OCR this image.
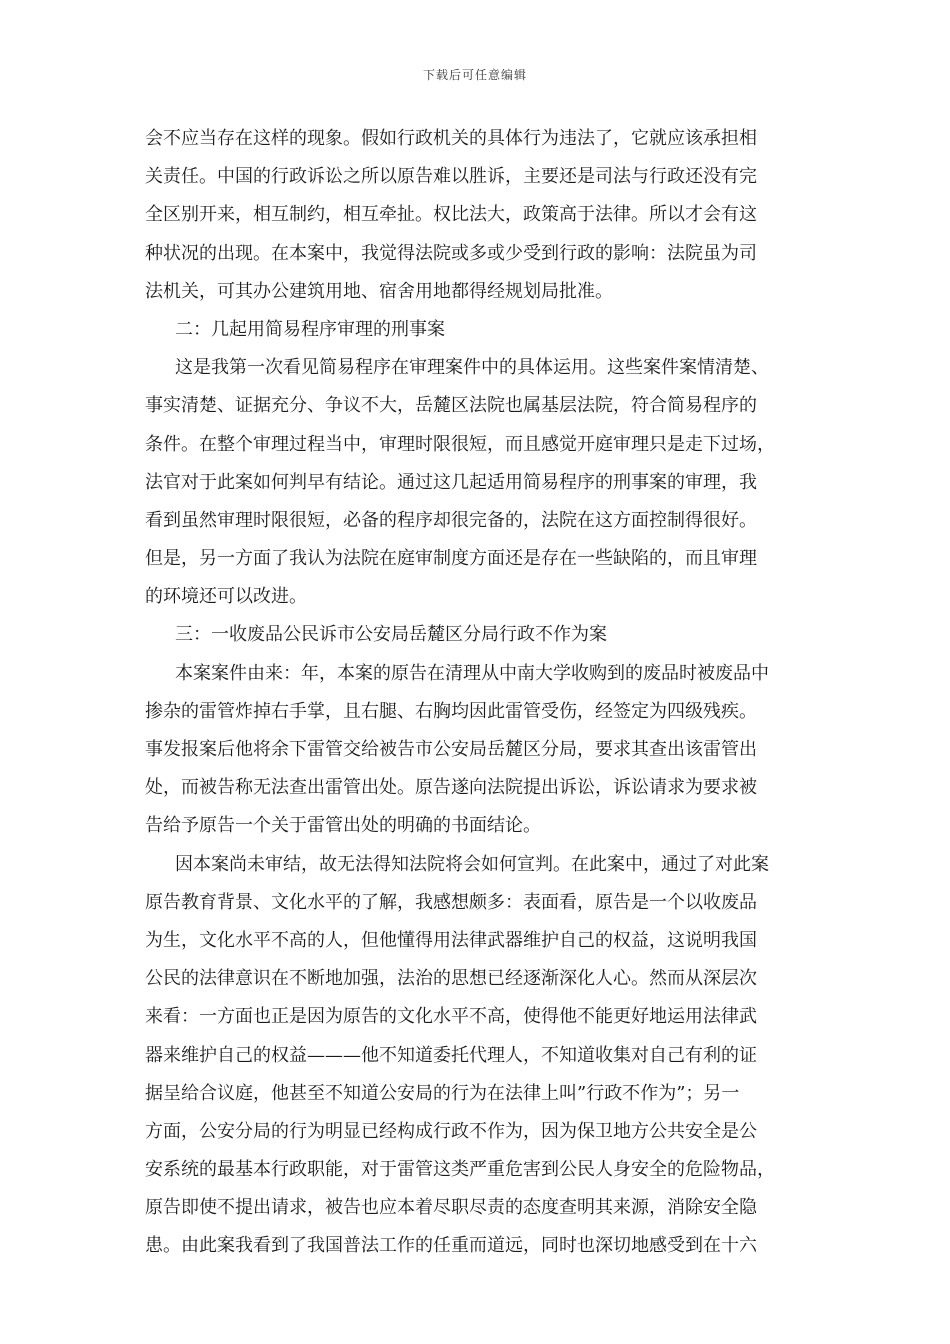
下载后可任意编辑
会不应当存在这样的现象。假如行政机关的具体行为违法了，它就应该承担相
关责任。中国的行政诉讼之所以原告难以胜诉，主要还是司法与行政还没有完
全区别开来，相互制约，相互牵扯。权比法大，政策高于法律。所以才会有这
种状况的出现。在本案中，我觉得法院或多或少受到行政的影响：法院虽为司
法机关，可其办公建筑用地、宿舍用地都得经规划局批准。
二：几起用简易程序审理的刑事案
这是我第一次看见简易程序在审理案件中的具体运用。这些案件案情清楚、
事实清楚、证据充分、争议不大，岳麓区法院也属基层法院，符合简易程序的
条件。在整个审理过程当中，审理时限很短，而且感觉开庭审理只是走下过场，
法官对于此案如何判早有结论。通过这几起适用简易程序的刑事案的审理，我
看到虽然审理时限很短，必备的程序却很完备的，法院在这方面控制得很好。
但是，另一方面了我认为法院在庭审制度方面还是存在一些缺陷的，而且审理
的环境还可以改进。
三：一收废品公民诉市公安局岳麓区分局行政不作为案
本案案件由来：年，本案的原告在清理从中南大学收购到的废品时被废品中
掺杂的雷管炸掉右手掌，且右腿、右胸均因此雷管受伤，经签定为四级残疾。
事发报案后他将余下雷管交给被告市公安局岳麓区分局，要求其查出该雷管出
处，而被告称无法查出雷管出处。原告遂向法院提出诉讼，诉讼请求为要求被
告给予原告一个关于雷管出处的明确的书面结论。
因本案尚未审结，故无法得知法院将会如何宣判。在此案中，通过了对此案
原告教育背景、文化水平的了解，我感想颇多：表面看，原告是一个以收废品
为生，文化水平不高的人，但他懂得用法律武器维护自己的权益，这说明我国
公民的法律意识在不断地加强，法治的思想已经逐渐深化人心。然而从深层次
来看：一方面也正是因为原告的文化水平不高，使得他不能更好地运用法律武
器来维护自己的权益———他不知道委托代理人，不知道收集对自己有利的证
据呈给合议庭，他甚至不知道公安局的行为在法律上叫”行政不作为”；另一
方面，公安分局的行为明显已经构成行政不作为，因为保卫地方公共安全是公
安系统的最基本行政职能，对于雷管这类严重危害到公民人身安全的危险物品，
原告即使不提出请求，被告也应本着尽职尽责的态度查明其来源，消除安全隐
患。由此案我看到了我国普法工作的任重而道远，同时也深切地感受到在十六
